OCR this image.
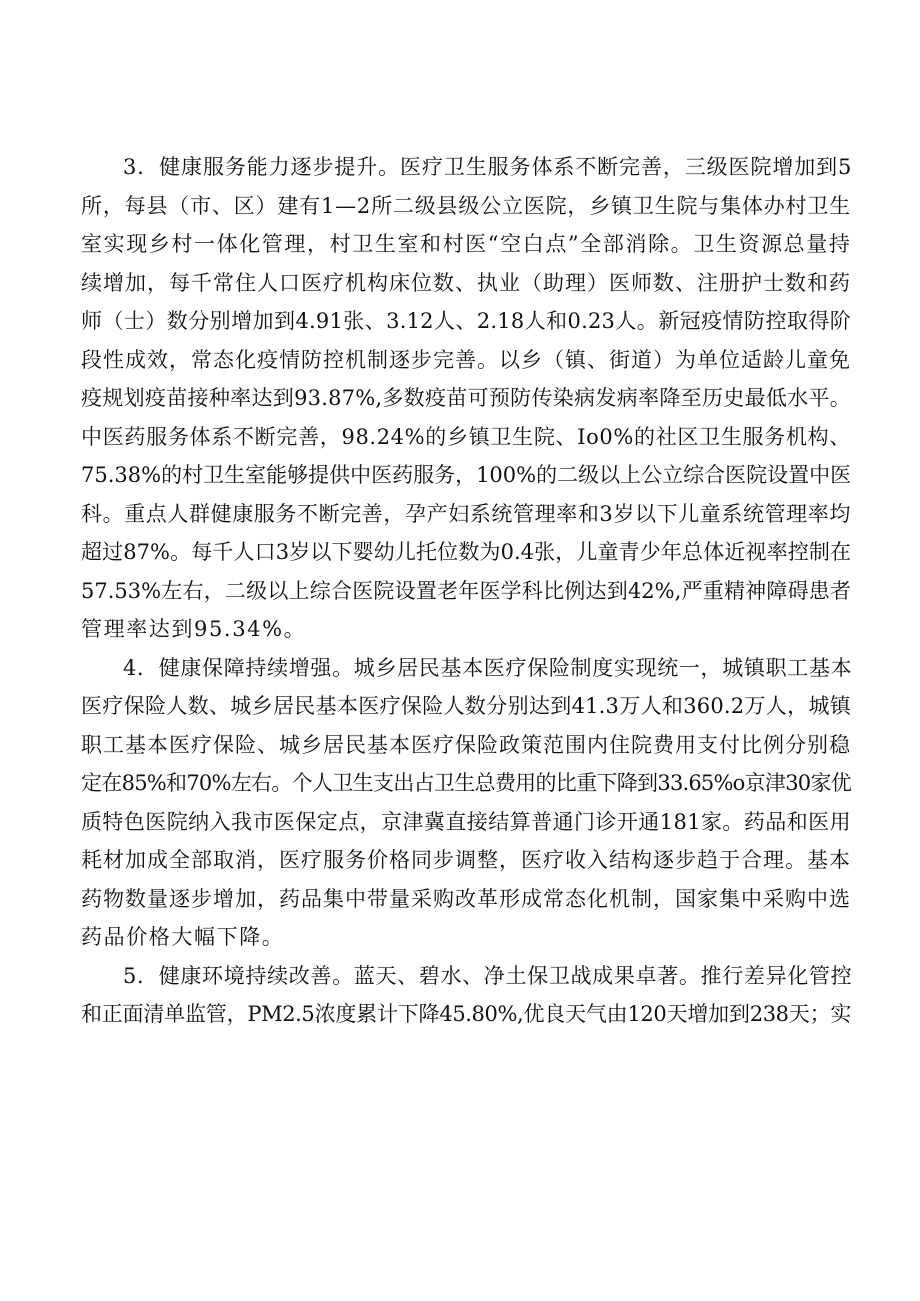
3．健康服务能力逐步提升。医疗卫生服务体系不断完善，三级医院增加到5
所，每县（市、区）建有1—2所二级县级公立医院，乡镇卫生院与集体办村卫生
室实现乡村一体化管理，村卫生室和村医“空白点”全部消除。卫生资源总量持
续增加，每千常住人口医疗机构床位数、执业（助理）医师数、注册护士数和药
师（士）数分别增加到4.91张、3.12人、2.18人和0.23人。新冠疫情防控取得阶
段性成效，常态化疫情防控机制逐步完善。以乡（镇、街道）为单位适龄儿童免
疫规划疫苗接种率达到93.87%,多数疫苗可预防传染病发病率降至历史最低水平。
中医药服务体系不断完善，98.24%的乡镇卫生院、Io0%的社区卫生服务机构、
75.38%的村卫生室能够提供中医药服务，100%的二级以上公立综合医院设置中医
科。重点人群健康服务不断完善，孕产妇系统管理率和3岁以下儿童系统管理率均
超过87%。每千人口3岁以下婴幼儿托位数为0.4张，儿童青少年总体近视率控制在
57.53%左右，二级以上综合医院设置老年医学科比例达到42%,严重精神障碍患者
管理率达到95.34%。

4．健康保障持续增强。城乡居民基本医疗保险制度实现统一，城镇职工基本
医疗保险人数、城乡居民基本医疗保险人数分别达到41.3万人和360.2万人，城镇
职工基本医疗保险、城乡居民基本医疗保险政策范围内住院费用支付比例分别稳
定在85%和70%左右。个人卫生支出占卫生总费用的比重下降到33.65%o京津30家优
质特色医院纳入我市医保定点，京津冀直接结算普通门诊开通181家。药品和医用
耗材加成全部取消，医疗服务价格同步调整，医疗收入结构逐步趋于合理。基本
药物数量逐步增加，药品集中带量采购改革形成常态化机制，国家集中采购中选
药品价格大幅下降。

5．健康环境持续改善。蓝天、碧水、净土保卫战成果卓著。推行差异化管控
和正面清单监管，PM2.5浓度累计下降45.80%,优良天气由120天增加到238天；实
